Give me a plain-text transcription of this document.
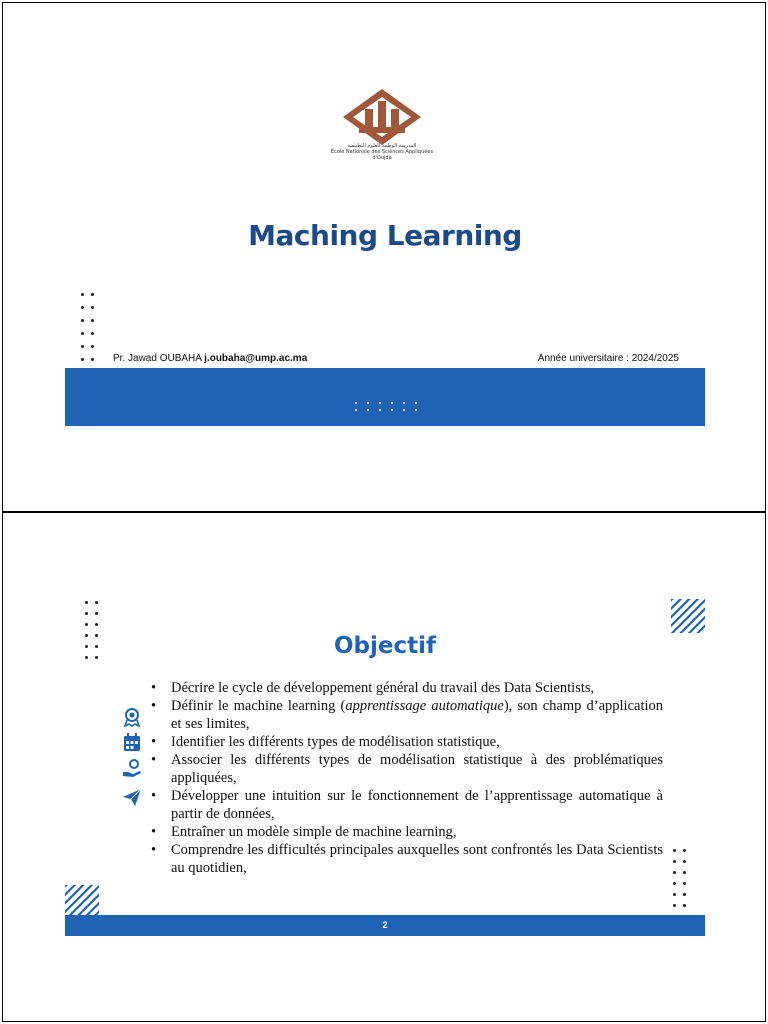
المدرسة الوطنية للعلوم التطبيقية
École Nationale des Sciences Appliquées d'Oujda
Maching Learning
Pr. Jawad OUBAHA j.oubaha@ump.ac.ma	Année universitaire : 2024/2025
Objectif
• Décrire le cycle de développement général du travail des Data Scientists,
• Définir le machine learning (apprentissage automatique), son champ d’application et ses limites,
• Identifier les différents types de modélisation statistique,
• Associer les différents types de modélisation statistique à des problématiques appliquées,
• Développer une intuition sur le fonctionnement de l’apprentissage automatique à partir de données,
• Entraîner un modèle simple de machine learning,
• Comprendre les difficultés principales auxquelles sont confrontés les Data Scientists au quotidien,
2
